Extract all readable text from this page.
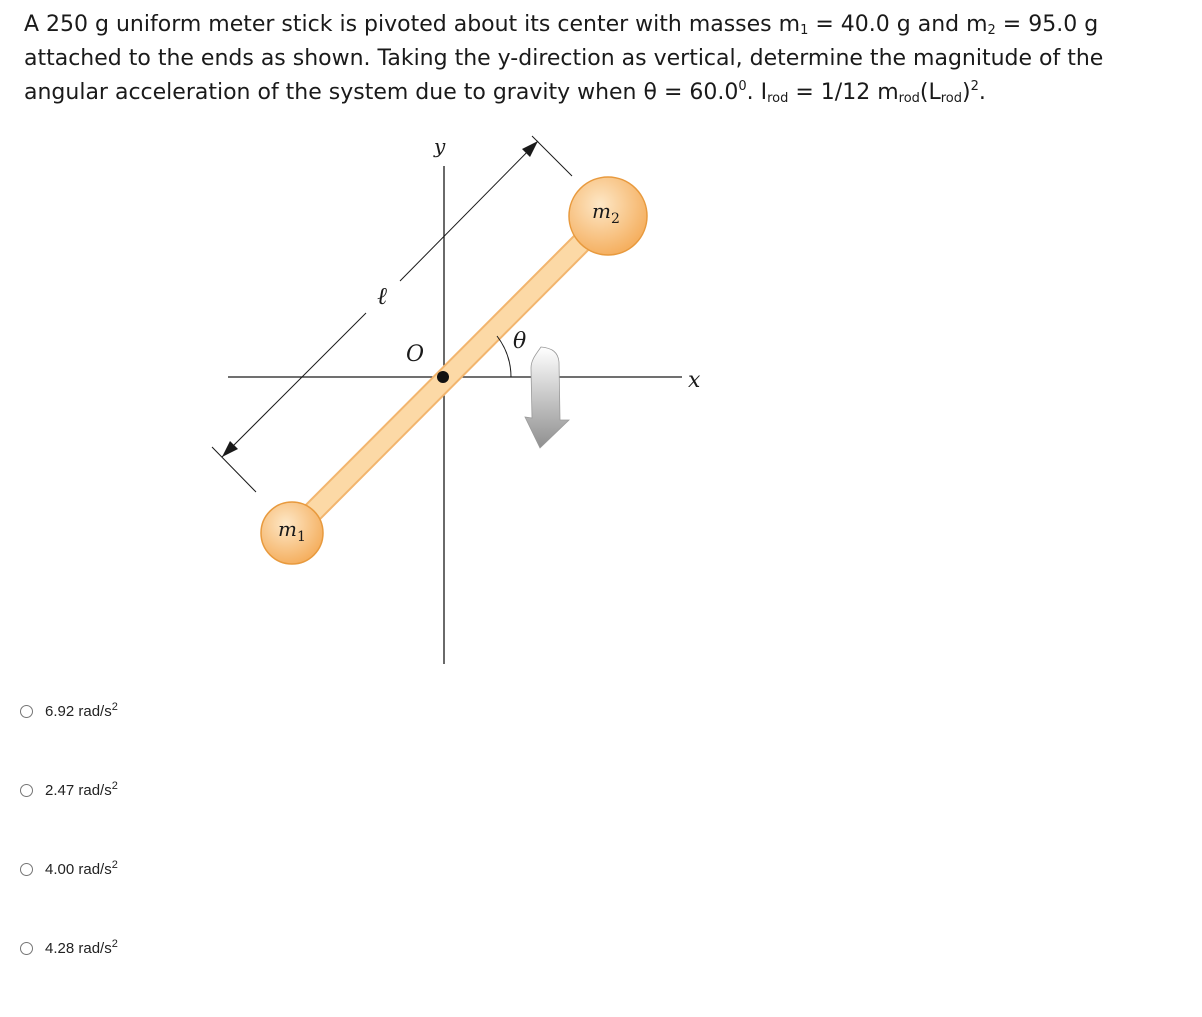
A 250 g uniform meter stick is pivoted about its center with masses $m_1 = 40.0$ g and $m_2 = 95.0$ g attached to the ends as shown. Taking the y-direction as vertical, determine the magnitude of the angular acceleration of the system due to gravity when $\theta = 60.0^0$. $I_{rod} = 1/12$ $m_{rod}(L_{rod})^2$.
y
x
O
θ
ℓ
$m_1$
$m_2$
6.92 rad/$s^2$
2.47 rad/$s^2$
4.00 rad/$s^2$
4.28 rad/$s^2$
